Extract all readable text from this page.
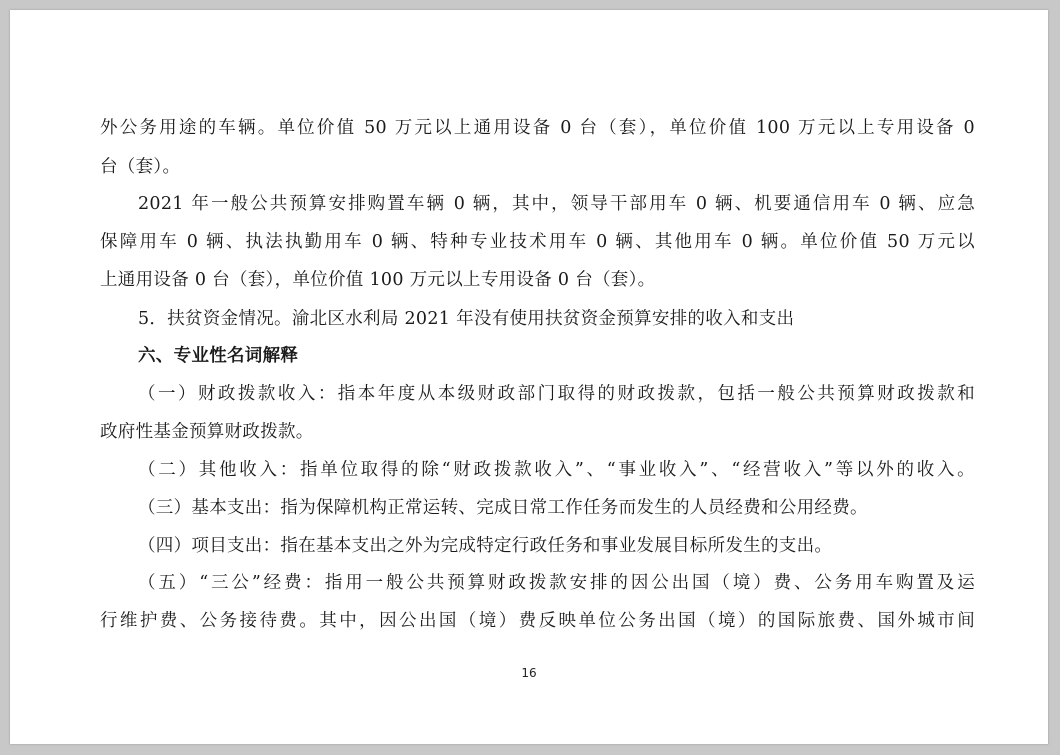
外公务用途的车辆。单位价值 50 万元以上通用设备 0 台（套），单位价值 100 万元以上专用设备 0
台（套）。
2021 年一般公共预算安排购置车辆 0 辆，其中，领导干部用车 0 辆、机要通信用车 0 辆、应急
保障用车 0 辆、执法执勤用车 0 辆、特种专业技术用车 0 辆、其他用车 0 辆。单位价值 50 万元以
上通用设备 0 台（套），单位价值 100 万元以上专用设备 0 台（套）。
5．扶贫资金情况。渝北区水利局 2021 年没有使用扶贫资金预算安排的收入和支出
六、专业性名词解释
（一）财政拨款收入：指本年度从本级财政部门取得的财政拨款，包括一般公共预算财政拨款和
政府性基金预算财政拨款。
（二）其他收入：指单位取得的除“财政拨款收入”、“事业收入”、“经营收入”等以外的收入。
（三）基本支出：指为保障机构正常运转、完成日常工作任务而发生的人员经费和公用经费。
（四）项目支出：指在基本支出之外为完成特定行政任务和事业发展目标所发生的支出。
（五）“三公”经费：指用一般公共预算财政拨款安排的因公出国（境）费、公务用车购置及运
行维护费、公务接待费。其中，因公出国（境）费反映单位公务出国（境）的国际旅费、国外城市间
16
